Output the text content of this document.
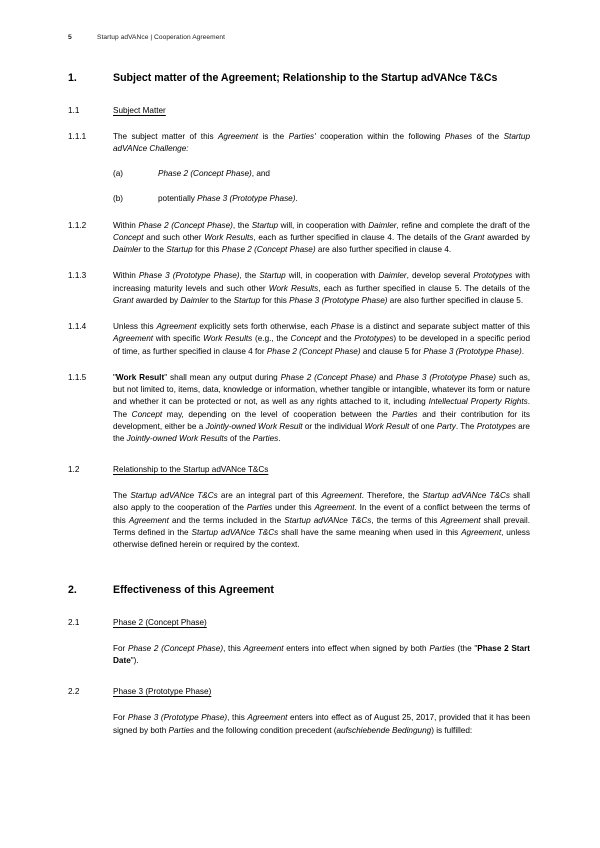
5	Startup adVANce | Cooperation Agreement
1.	Subject matter of the Agreement; Relationship to the Startup adVANce T&Cs
1.1	Subject Matter
1.1.1	The subject matter of this Agreement is the Parties' cooperation within the following Phases of the Startup adVANce Challenge:
(a)	Phase 2 (Concept Phase), and
(b)	potentially Phase 3 (Prototype Phase).
1.1.2	Within Phase 2 (Concept Phase), the Startup will, in cooperation with Daimler, refine and complete the draft of the Concept and such other Work Results, each as further specified in clause 4. The details of the Grant awarded by Daimler to the Startup for this Phase 2 (Concept Phase) are also further specified in clause 4.
1.1.3	Within Phase 3 (Prototype Phase), the Startup will, in cooperation with Daimler, develop several Prototypes with increasing maturity levels and such other Work Results, each as further specified in clause 5. The details of the Grant awarded by Daimler to the Startup for this Phase 3 (Prototype Phase) are also further specified in clause 5.
1.1.4	Unless this Agreement explicitly sets forth otherwise, each Phase is a distinct and separate subject matter of this Agreement with specific Work Results (e.g., the Concept and the Prototypes) to be developed in a specific period of time, as further specified in clause 4 for Phase 2 (Concept Phase) and clause 5 for Phase 3 (Prototype Phase).
1.1.5	"Work Result" shall mean any output during Phase 2 (Concept Phase) and Phase 3 (Prototype Phase) such as, but not limited to, items, data, knowledge or information, whether tangible or intangible, whatever its form or nature and whether it can be protected or not, as well as any rights attached to it, including Intellectual Property Rights. The Concept may, depending on the level of cooperation between the Parties and their contribution for its development, either be a Jointly-owned Work Result or the individual Work Result of one Party. The Prototypes are the Jointly-owned Work Results of the Parties.
1.2	Relationship to the Startup adVANce T&Cs
The Startup adVANce T&Cs are an integral part of this Agreement. Therefore, the Startup adVANce T&Cs shall also apply to the cooperation of the Parties under this Agreement. In the event of a conflict between the terms of this Agreement and the terms included in the Startup adVANce T&Cs, the terms of this Agreement shall prevail. Terms defined in the Startup adVANce T&Cs shall have the same meaning when used in this Agreement, unless otherwise defined herein or required by the context.
2.	Effectiveness of this Agreement
2.1	Phase 2 (Concept Phase)
For Phase 2 (Concept Phase), this Agreement enters into effect when signed by both Parties (the "Phase 2 Start Date").
2.2	Phase 3 (Prototype Phase)
For Phase 3 (Prototype Phase), this Agreement enters into effect as of August 25, 2017, provided that it has been signed by both Parties and the following condition precedent (aufschiebende Bedingung) is fulfilled:
